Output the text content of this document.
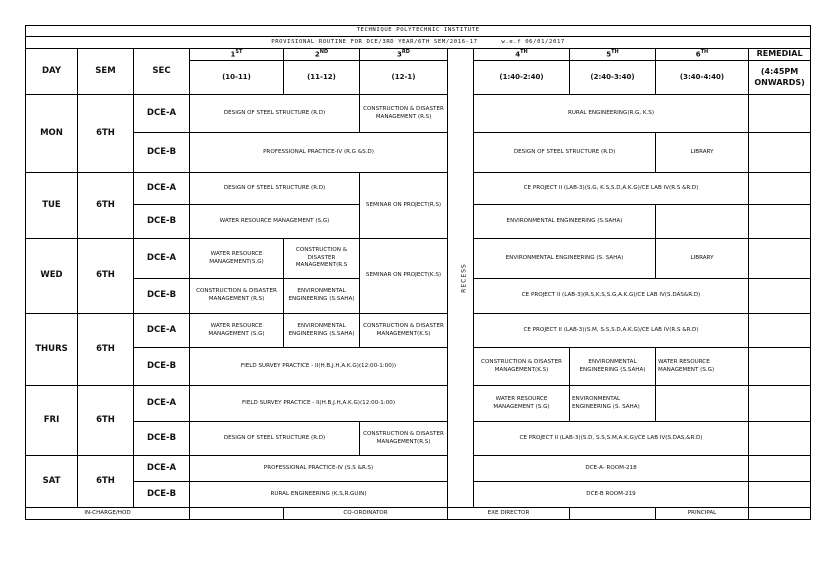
TECHNIQUE POLYTECHNIC INSTITUTE										
PROVISIONAL ROUTINE FOR DCE/3RD YEAR/6TH SEM/2016-17 w.e.f 06/01/2017										
DAY	SEM	SEC	1ST	2ND	3RD	RECESS	4TH	5TH	6TH	REMEDIAL
			(10-11)	(11-12)	(12-1)		(1:40-2:40)	(2:40-3:40)	(3:40-4:40)	(4:45PM ONWARDS)
MON	6TH	DCE-A	DESIGN OF STEEL STRUCTURE (R.D)		CONSTRUCTION & DISASTER MANAGEMENT (R.S)		RURAL ENGINEERING(R.G, K.S)			
		DCE-B	PROFESSIONAL PRACTICE-IV (R.G &S.D)				DESIGN OF STEEL STRUCTURE (R.D)		LIBRARY	
TUE	6TH	DCE-A	DESIGN OF STEEL STRUCTURE (R.D)		SEMINAR ON PROJECT(R.S)		CE PROJECT II (LAB-3)(S.G, K.S,S.D,A.K.G)/CE LAB IV(R.S &R.D)			
		DCE-B	WATER RESOURCE MANAGEMENT (S.G)				ENVIRONMENTAL ENGINEERING (S.SAHA)			
WED	6TH	DCE-A	WATER RESOURCE MANAGEMENT(S.G)	CONSTRUCTION & DISASTER MANAGEMENT(R.S	SEMINAR ON PROJECT(K.S)		ENVIRONMENTAL ENGINEERING (S. SAHA)		LIBRARY	
		DCE-B	CONSTRUCTION & DISASTER MANAGEMENT (R.S)	ENVIRONMENTAL ENGINEERING (S.SAHA)			CE PROJECT II (LAB-3)(R.S,K.S,S.G,A.K.G)/CE LAB IV(S.DAS&R.D)			
THURS	6TH	DCE-A	WATER RESOURCE MANAGEMENT (S.G)	ENVIRONMENTAL ENGINEERING (S.SAHA)	CONSTRUCTION & DISASTER MANAGEMENT(K.S)		CE PROJECT II (LAB-3)(S.M, S.S,S.D,A.K.G)/CE LAB IV(R.S &R.D)			
		DCE-B	FIELD SURVEY PRACTICE - II(H.B,J.H,A.K.G)(12:00-1:00))				CONSTRUCTION & DISASTER MANAGEMENT(K.S)	ENVIRONMENTAL ENGINEERING (S.SAHA)	WATER RESOURCE MANAGEMENT (S.G)	
FRI	6TH	DCE-A	FIELD SURVEY PRACTICE - II(H.B,J.H,A.K.G)(12:00-1:00)				WATER RESOURCE MANAGEMENT (S.G)	ENVIRONMENTAL ENGINEERING (S. SAHA)		
		DCE-B	DESIGN OF STEEL STRUCTURE (R.D)		CONSTRUCTION & DISASTER MANAGEMENT(R.S)		CE PROJECT II (LAB-3)(S.D, S.S,S.M,A.K.G)/CE LAB IV(S.DAS,&R.D)			
SAT	6TH	DCE-A	PROFESSIONAL PRACTICE-IV (S.S &R.S)				DCE-A- ROOM-218			
		DCE-B	RURAL ENGINEERING (K.S,R.GUIN)				DCE-B ROOM-219			
IN-CHARGE/HOD				CO-ORDINATOR		EXE DIRECTOR			PRINCIPAL	
